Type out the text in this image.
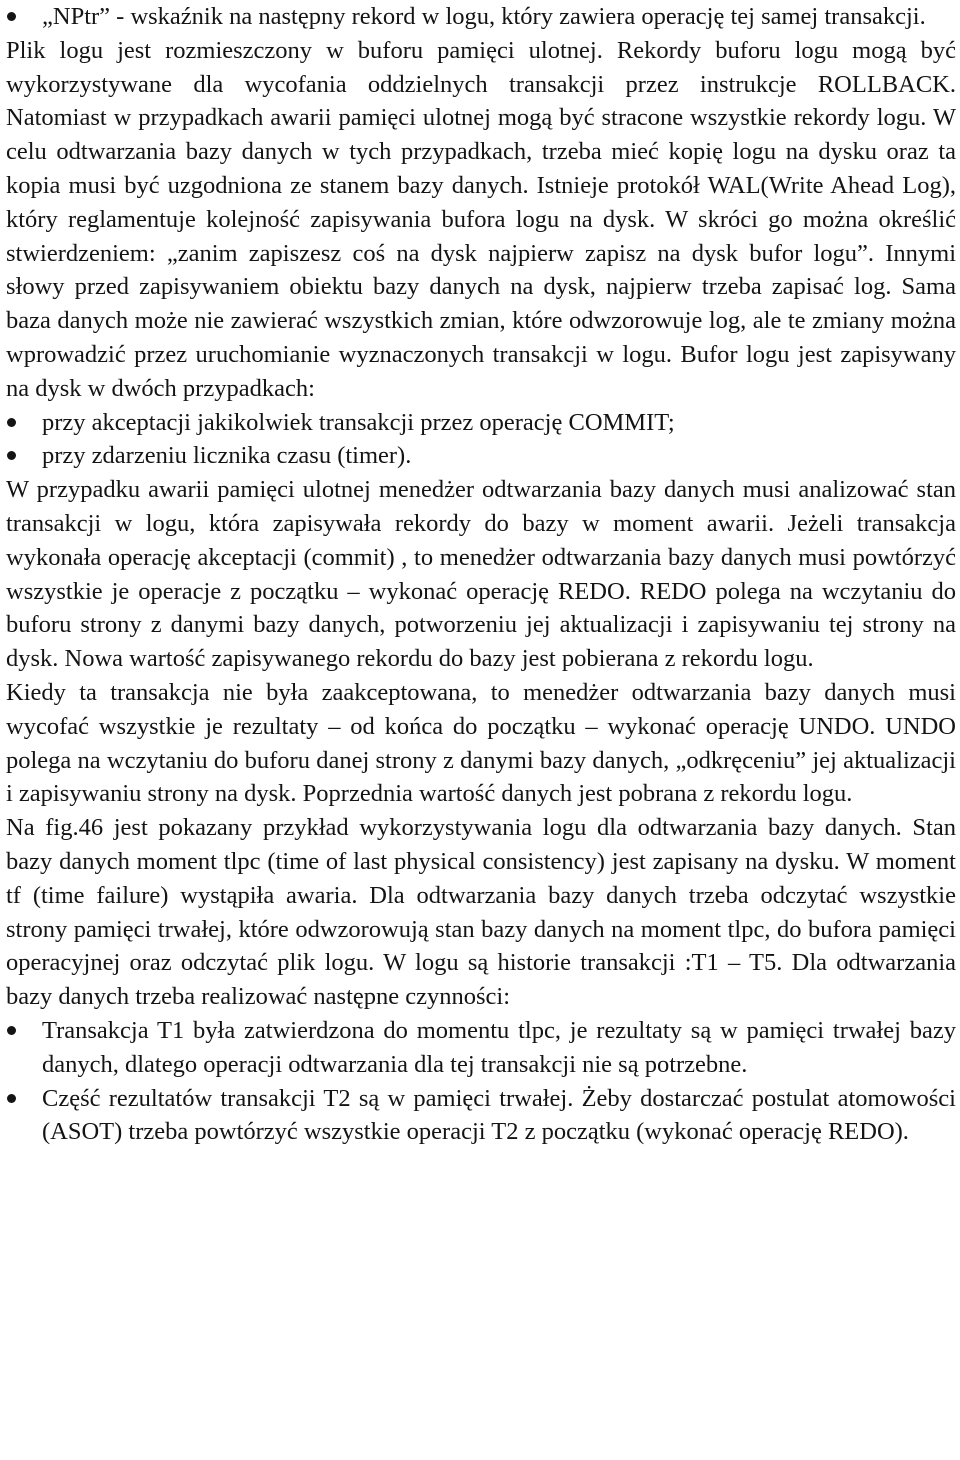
„NPtr” - wskaźnik na następny rekord w logu, który zawiera operację tej samej transakcji.

Plik logu jest rozmieszczony w buforu pamięci ulotnej. Rekordy buforu logu mogą być wykorzystywane dla wycofania oddzielnych transakcji przez instrukcje ROLLBACK. Natomiast w przypadkach awarii pamięci ulotnej mogą być stracone wszystkie rekordy logu. W celu odtwarzania bazy danych w tych przypadkach, trzeba mieć kopię logu na dysku oraz ta kopia musi być uzgodniona ze stanem bazy danych. Istnieje protokół WAL(Write Ahead Log), który reglamentuje kolejność zapisywania bufora logu na dysk. W skróci go można określić stwierdzeniem: „zanim zapiszesz coś na dysk najpierw zapisz na dysk bufor logu”. Innymi słowy przed zapisywaniem obiektu bazy danych na dysk, najpierw trzeba zapisać log. Sama baza danych może nie zawierać wszystkich zmian, które odwzorowuje log, ale te zmiany można wprowadzić przez uruchomianie wyznaczonych transakcji w logu. Bufor logu jest zapisywany na dysk w dwóch przypadkach:

przy akceptacji jakikolwiek transakcji przez operację COMMIT;

przy zdarzeniu licznika czasu (timer).

W przypadku awarii pamięci ulotnej menedżer odtwarzania bazy danych musi analizować stan transakcji w logu, która zapisywała rekordy do bazy w moment awarii. Jeżeli transakcja wykonała operację akceptacji (commit) , to menedżer odtwarzania bazy danych musi powtórzyć wszystkie je operacje z początku – wykonać operację REDO. REDO polega na wczytaniu do buforu strony z danymi bazy danych, potworzeniu jej aktualizacji i zapisywaniu tej strony na dysk. Nowa wartość zapisywanego rekordu do bazy jest pobierana z rekordu logu.

Kiedy ta transakcja nie była zaakceptowana, to menedżer odtwarzania bazy danych musi wycofać wszystkie je rezultaty – od końca do początku – wykonać operację UNDO. UNDO polega na wczytaniu do buforu danej strony z danymi bazy danych, „odkręceniu” jej aktualizacji i zapisywaniu strony na dysk. Poprzednia wartość danych jest pobrana z rekordu logu.

Na fig.46 jest pokazany przykład wykorzystywania logu dla odtwarzania bazy danych. Stan bazy danych moment tlpc (time of last physical consistency) jest zapisany na dysku. W moment tf (time failure) wystąpiła awaria. Dla odtwarzania bazy danych trzeba odczytać wszystkie strony pamięci trwałej, które odwzorowują stan bazy danych na moment tlpc, do bufora pamięci operacyjnej oraz odczytać plik logu. W logu są historie transakcji :T1 – T5. Dla odtwarzania bazy danych trzeba realizować następne czynności:

Transakcja T1 była zatwierdzona do momentu tlpc, je rezultaty są w pamięci trwałej bazy danych, dlatego operacji odtwarzania dla tej transakcji nie są potrzebne.

Część rezultatów transakcji T2 są w pamięci trwałej. Żeby dostarczać postulat atomowości (ASOT) trzeba powtórzyć wszystkie operacji T2 z początku (wykonać operację REDO).
